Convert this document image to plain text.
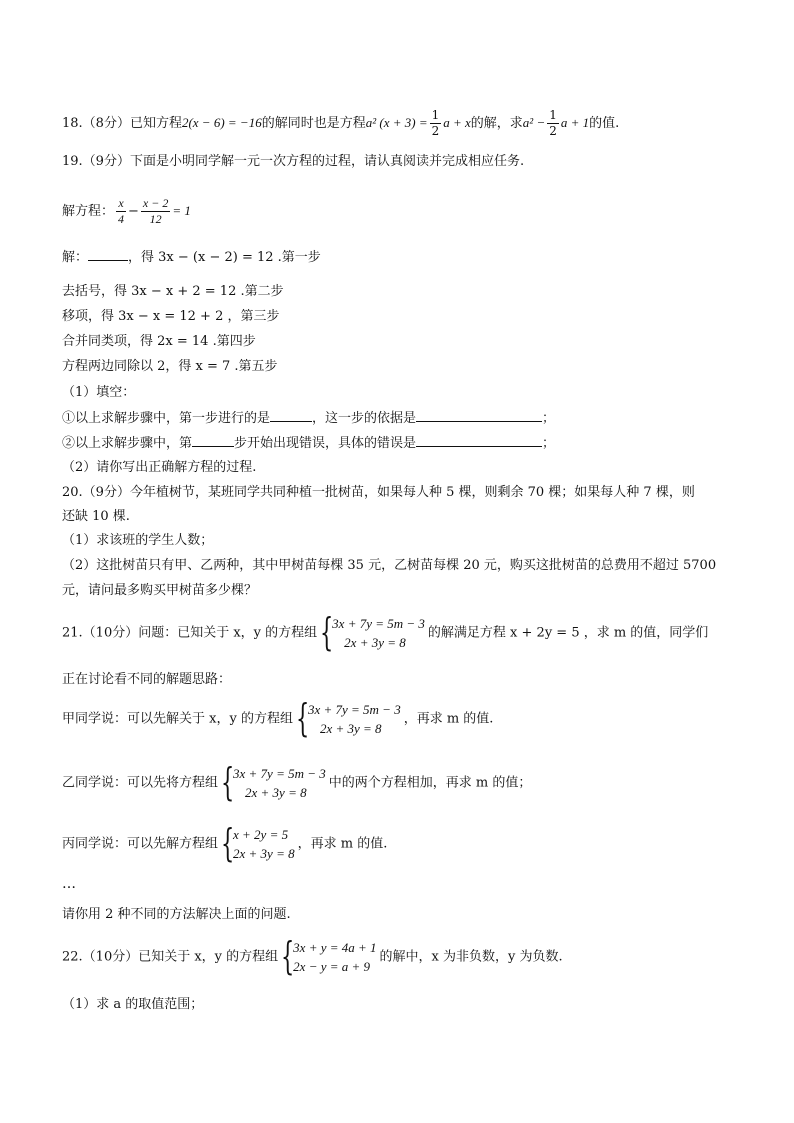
18.（8分）已知方程2(x − 6) = −16的解同时也是方程a² $(x + 3) = \frac{1}{2}$ a + x的解，求$a^2 - \frac{1}{2}$ a + 1的值.
19.（9分）下面是小明同学解一元一次方程的过程，请认真阅读并完成相应任务.
解方程： $\frac{x}{4} - \frac{x - 2}{12} = 1$
解：	，得 3x − (x − 2) = 12 .第一步
去括号，得 3x − x + 2 = 12 .第二步
移项，得 3x − x = 12 + 2 ，第三步
合并同类项，得 2x = 14 .第四步
方程两边同除以 2，得 x = 7 .第五步
（1）填空：
①以上求解步骤中，第一步进行的是	，这一步的依据是	；
②以上求解步骤中，第	步开始出现错误，具体的错误是	；
（2）请你写出正确解方程的过程.
20.（9分）今年植树节，某班同学共同种植一批树苗，如果每人种 5 棵，则剩余 70 棵；如果每人种 7 棵，则
还缺 10 棵.
（1）求该班的学生人数；
（2）这批树苗只有甲、乙两种，其中甲树苗每棵 35 元，乙树苗每棵 20 元，购买这批树苗的总费用不超过 5700
元，请问最多购买甲树苗多少棵？
21.（10分）问题：已知关于 x，y 的方程组 {
3x + 7y = 5m − 3
2x + 3y = 8
的解满足方程 x + 2y = 5 ，求 m 的值，同学们
正在讨论看不同的解题思路：
甲同学说：可以先解关于 x，y 的方程组 {
3x + 7y = 5m − 3
2x + 3y = 8
，再求 m 的值.
乙同学说：可以先将方程组 {
3x + 7y = 5m − 3
2x + 3y = 8
中的两个方程相加，再求 m 的值；
丙同学说：可以先解方程组 {
x + 2y = 5
2x + 3y = 8
，再求 m 的值.
…
请你用 2 种不同的方法解决上面的问题.
22.（10分）已知关于 x，y 的方程组 {
3x + y = 4a + 1
2x − y = a + 9
的解中，x 为非负数，y 为负数.
（1）求 a 的取值范围；
